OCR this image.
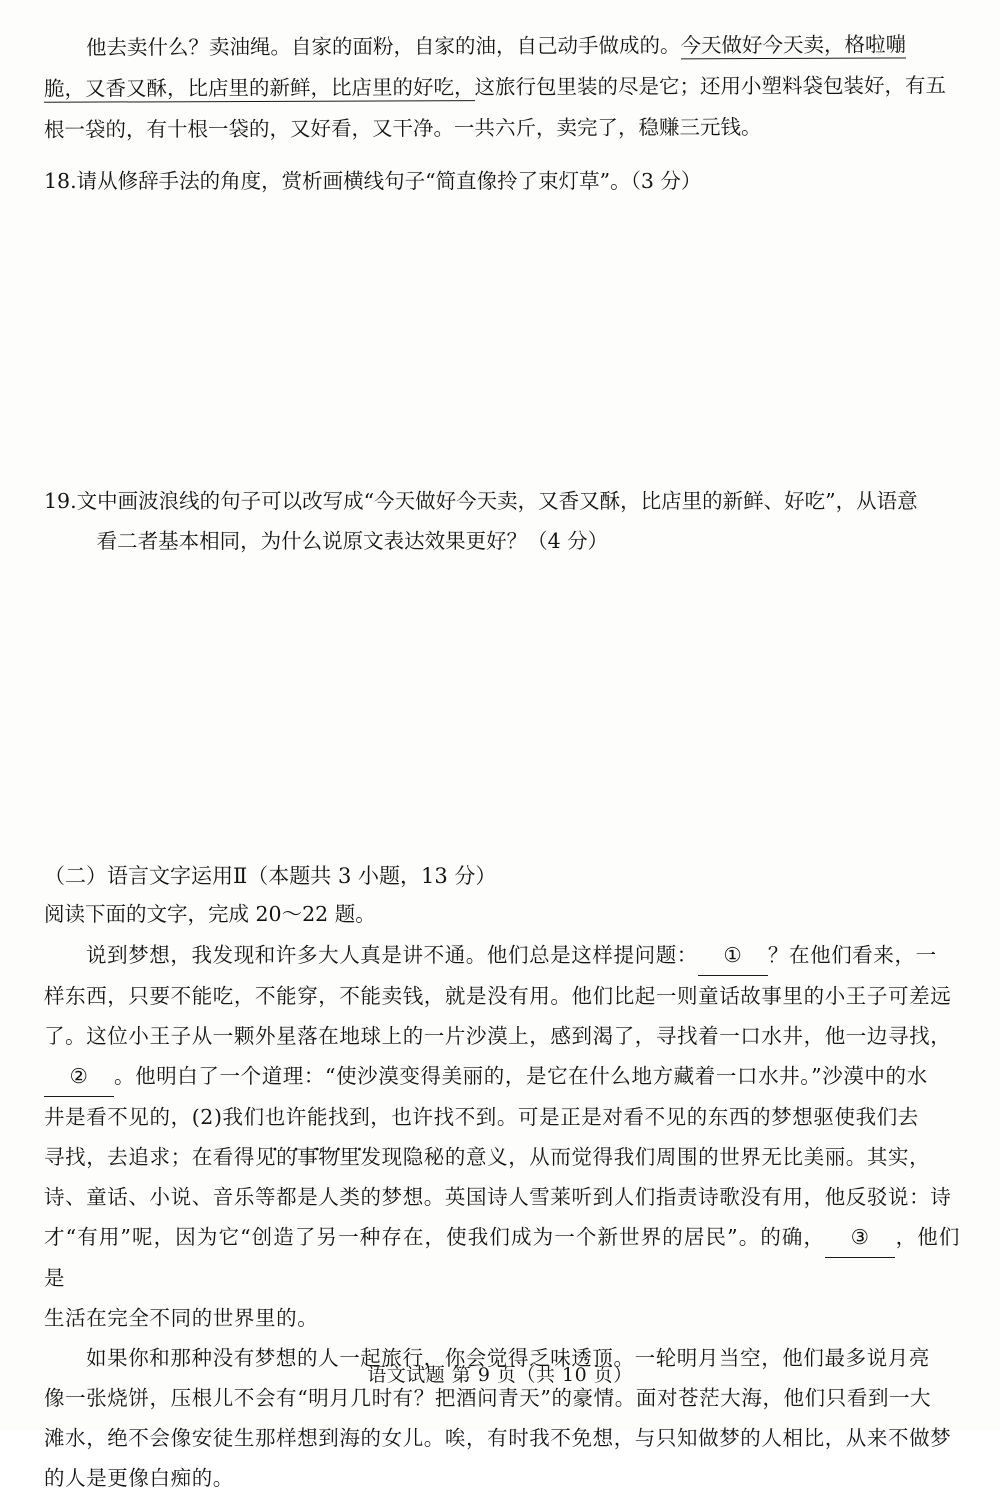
他去卖什么？卖油绳。自家的面粉，自家的油，自己动手做成的。今天做好今天卖，格啦嘣
脆，又香又酥，比店里的新鲜，比店里的好吃，这旅行包里装的尽是它；还用小塑料袋包装好，有五
根一袋的，有十根一袋的，又好看，又干净。一共六斤，卖完了，稳赚三元钱。
18. 请从修辞手法的角度，赏析画横线句子“简直像拎了束灯草”。（3 分）
19. 文中画波浪线的句子可以改写成“今天做好今天卖，又香又酥，比店里的新鲜、好吃”，从语意
看二者基本相同，为什么说原文表达效果更好？（4 分）
（二）语言文字运用Ⅱ（本题共 3 小题，13 分）
阅读下面的文字，完成 20～22 题。
说到梦想，我发现和许多大人真是讲不通。他们总是这样提问题： ① ？在他们看来，一
样东西，只要不能吃，不能穿，不能卖钱，就是没有用。他们比起一则童话故事里的小王子可差远
了。这位小王子从一颗外星落在地球上的一片沙漠上，感到渴了，寻找着一口水井，他一边寻找，
② 。他明白了一个道理：“使沙漠变得美丽的，是它在什么地方藏着一口水井。”沙漠中的水
井是看不见的，(2)我们也许能找到，也许找不到。可是正是对看不见的东西的梦想驱使我们去
寻找，去追求；在看得见的事物里发现隐秘的意义，从而觉得我们周围的世界无比美丽。其实，
诗、童话、小说、音乐等都是人类的梦想。英国诗人雪莱听到人们指责诗歌没有用，他反驳说：诗
才“有用”呢，因为它“创造了另一种存在，使我们成为一个新世界的居民”。的确， ③ ，他们是
生活在完全不同的世界里的。
如果你和那种没有梦想的人一起旅行，你会觉得乏味透顶。一轮明月当空，他们最多说月亮
像一张烧饼，压根儿不会有“明月几时有？把酒问青天”的豪情。面对苍茫大海，他们只看到一大
滩水，绝不会像安徒生那样想到海的女儿。唉，有时我不免想，与只知做梦的人相比，从来不做梦
的人是更像白痴的。
语文试题 第 9 页（共 10 页）
